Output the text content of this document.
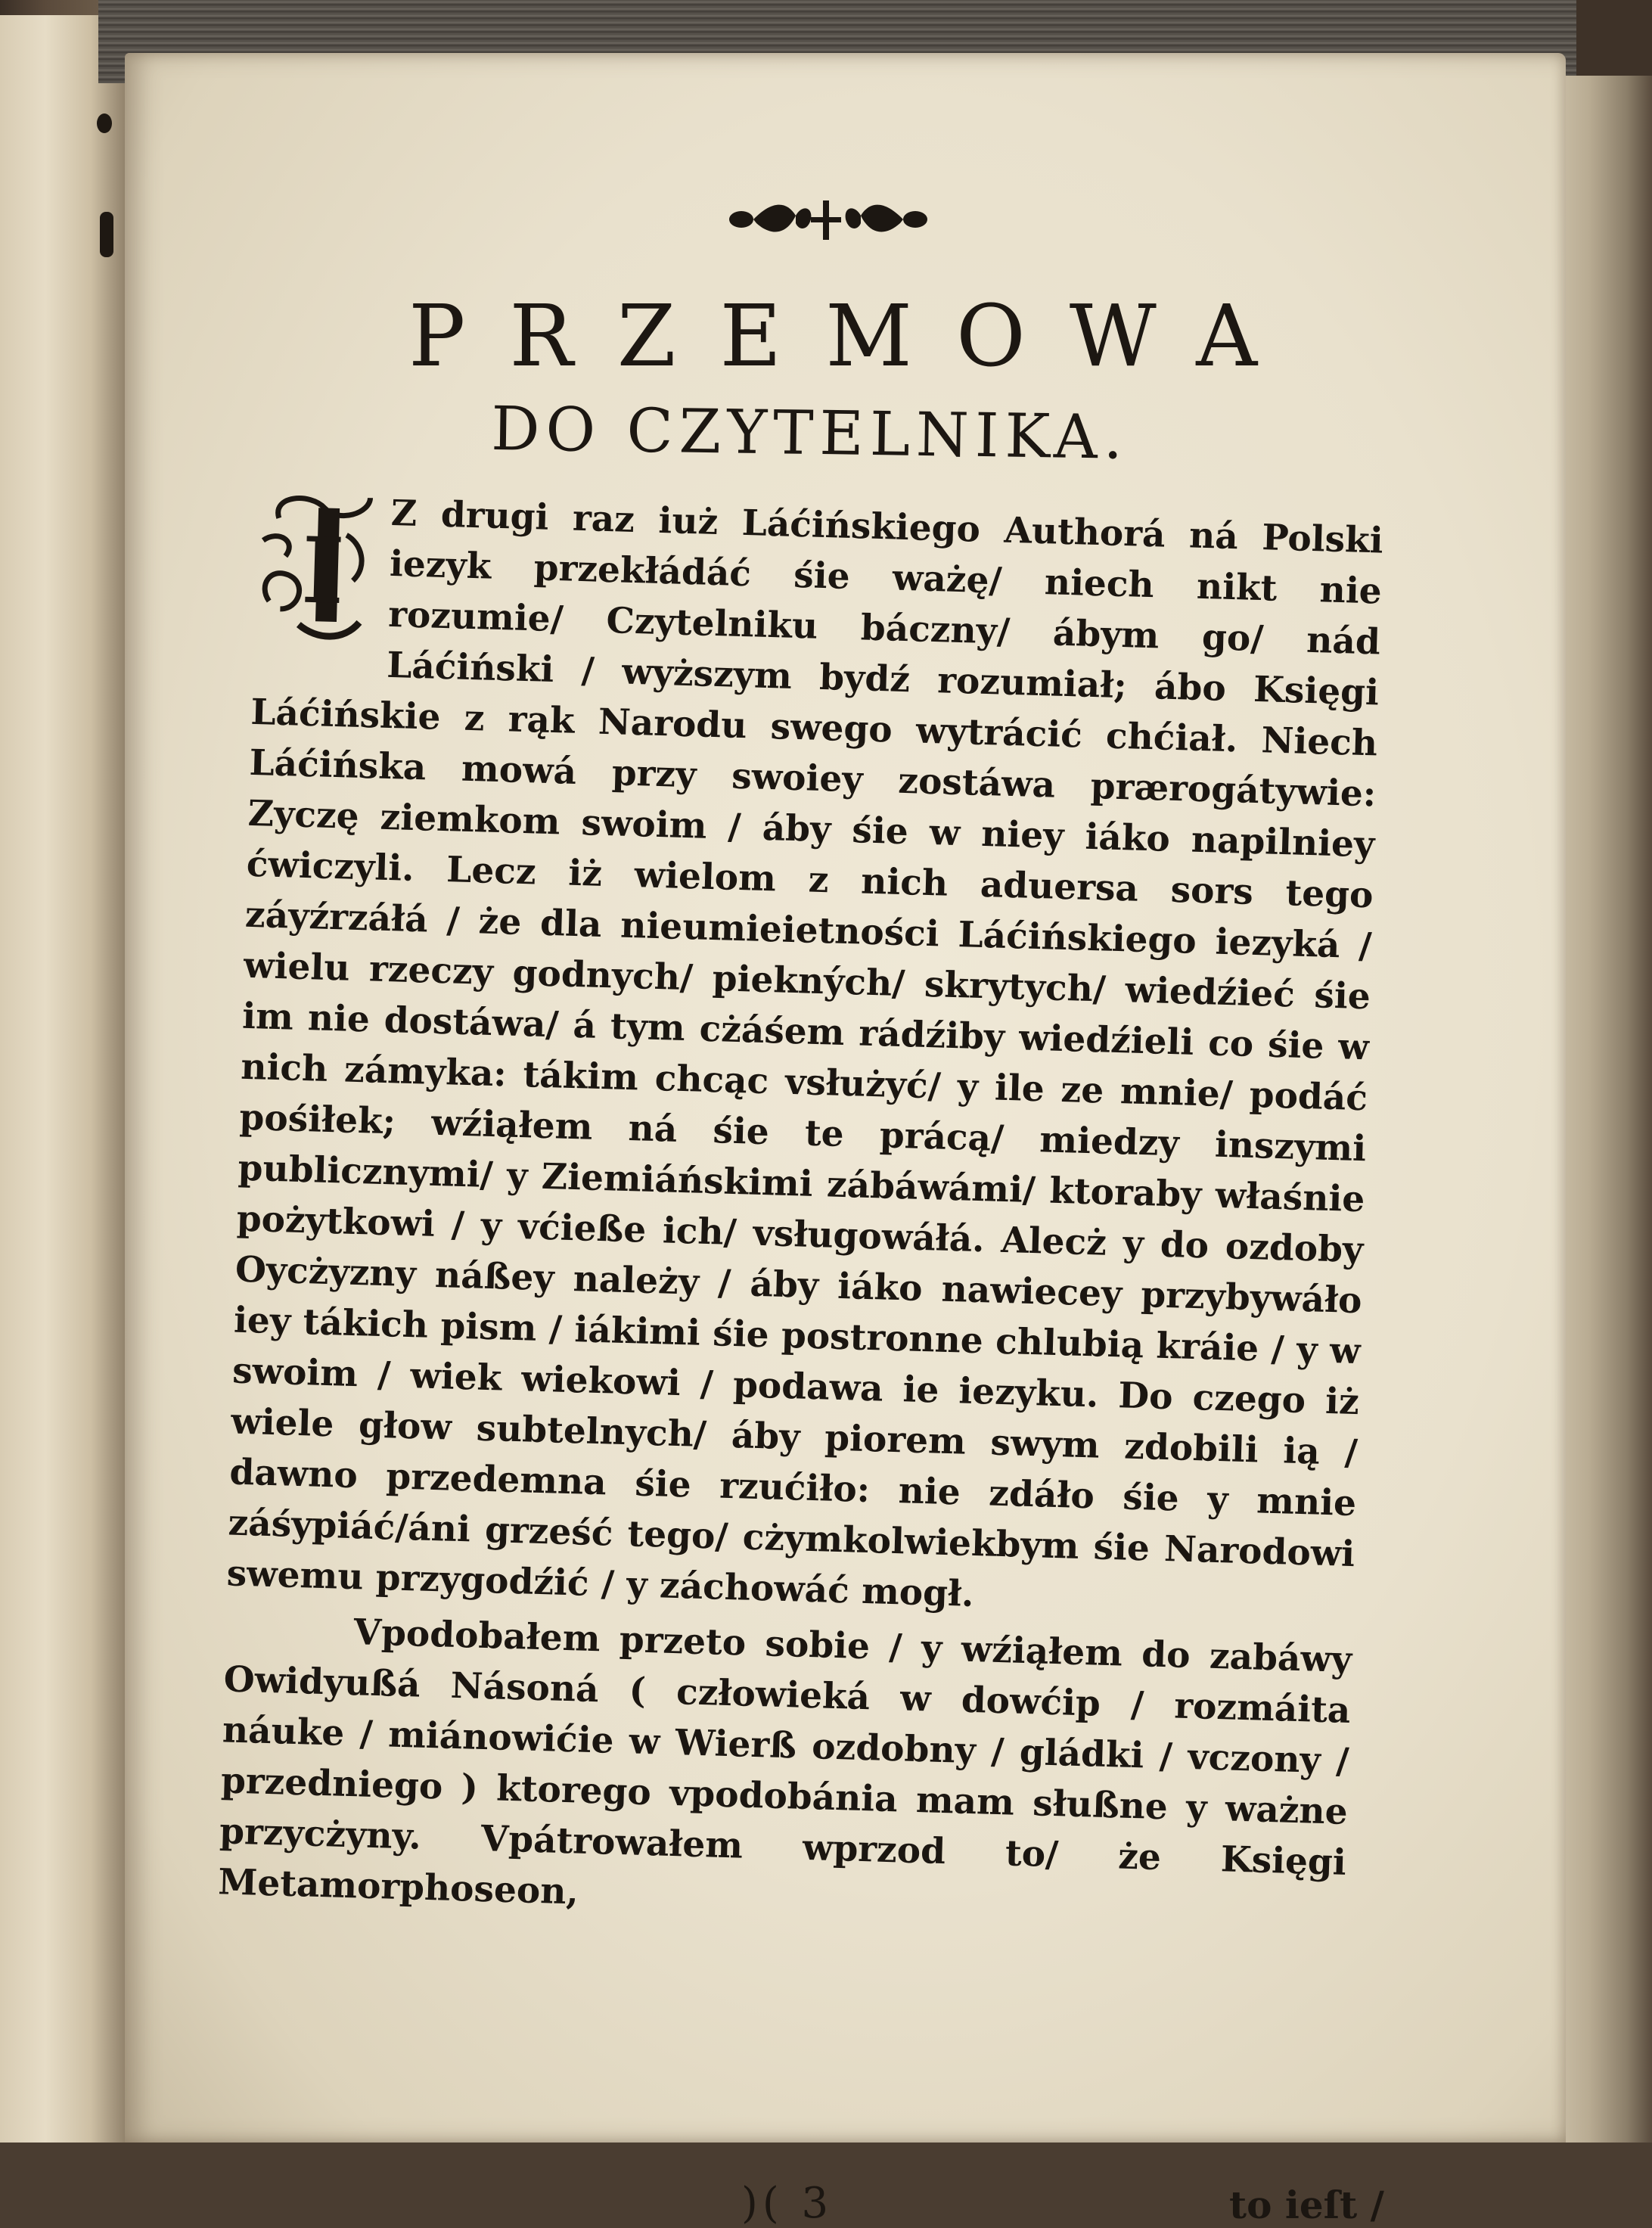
PRZEMOWA
DO CZYTELNIKA.
I	Z drugi raz iuż Láćińskiego Authorá ná Polski iezyk przekłádáć śie ważę/ niech nikt nie rozumie/ Czytelniku báczny/ ábym go/ nád Láćiński / wyższym bydź rozumiał; ábo Księgi Láćińskie z rąk Narodu swego wytrácić chćiał. Niech Láćińska mowá przy swoiey zostáwa prærogátywie: Zyczę ziemkom swoim / áby śie w niey iáko napilniey ćwiczyli. Lecz iż wielom z nich aduersa sors tego záyźrzáłá / że dla nieumieietności Láćińskiego iezyká / wielu rzeczy godnych/ piekných/ skrytych/ wiedźieć śie im nie dostáwa/ á tym cżáśem rádźiby wiedźieli co śie w nich zámyka: tákim chcąc vsłużyć/ y ile ze mnie/ podáć pośiłek; wźiąłem ná śie te prácą/ miedzy inszymi publicznymi/ y Ziemiáńskimi zábáwámi/ ktoraby właśnie pożytkowi / y vćieße ich/ vsługowáłá. Alecż y do ozdoby Oycżyzny náßey należy / áby iáko nawiecey przybywáło iey tákich pism / iákimi śie postronne chlubią kráie / y w swoim / wiek wiekowi / podawa ie iezyku. Do czego iż wiele głow subtelnych/ áby piorem swym zdobili ią / dawno przedemna śie rzućiło: nie zdáło śie y mnie záśypiáć/áni grześć tego/ cżymkolwiekbym śie Narodowi swemu przygodźić / y záchowáć mogł.

Vpodobałem przeto sobie / y wźiąłem do zabáwy Owidyußá Násoná ( człowieká w dowćip / rozmáita náuke / miánowićie w Wierß ozdobny / gládki / vczony / przedniego ) ktorego vpodobánia mam słußne y ważne przycżyny. Vpátrowałem wprzod to/ że Księgi Metamorphoseon,

)( 3	to ieſt /
